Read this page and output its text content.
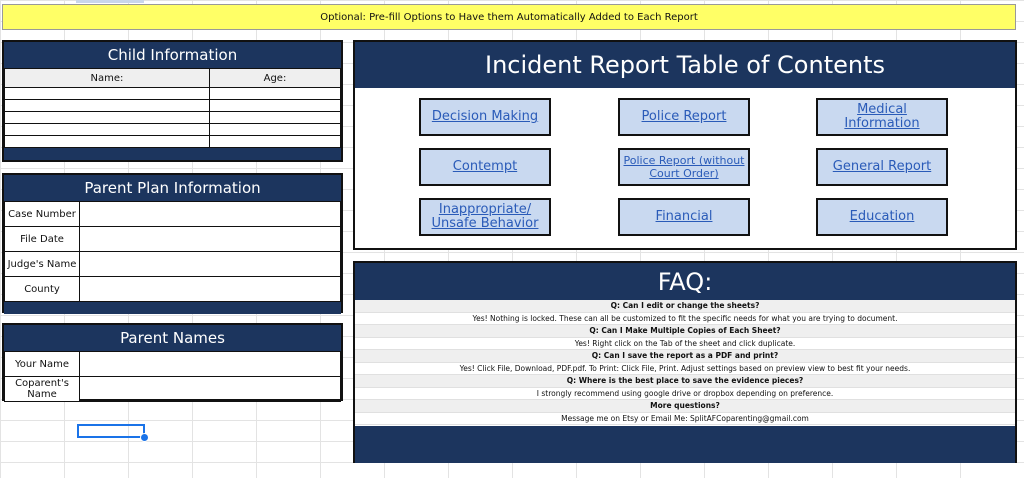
Optional: Pre-fill Options to Have them Automatically Added to Each Report
Child Information
Name:	Age:

Parent Plan Information
Case Number	
File Date	
Judge's Name	
County	
Parent Names
Your Name	
Coparent's Name	
Incident Report Table of Contents
Decision Making	Police Report	Medical Information
Contempt	Police Report (without Court Order)	General Report
Inappropriate/ Unsafe Behavior	Financial	Education
FAQ:
Q: Can I edit or change the sheets?
Yes! Nothing is locked. These can all be customized to fit the specific needs for what you are trying to document.
Q: Can I Make Multiple Copies of Each Sheet?
Yes! Right click on the Tab of the sheet and click duplicate.
Q: Can I save the report as a PDF and print?
Yes! Click File, Download, PDF.pdf. To Print: Click File, Print. Adjust settings based on preview view to best fit your needs.
Q: Where is the best place to save the evidence pieces?
I strongly recommend using google drive or dropbox depending on preference.
More questions?
Message me on Etsy or Email Me: SplitAFCoparenting@gmail.com
